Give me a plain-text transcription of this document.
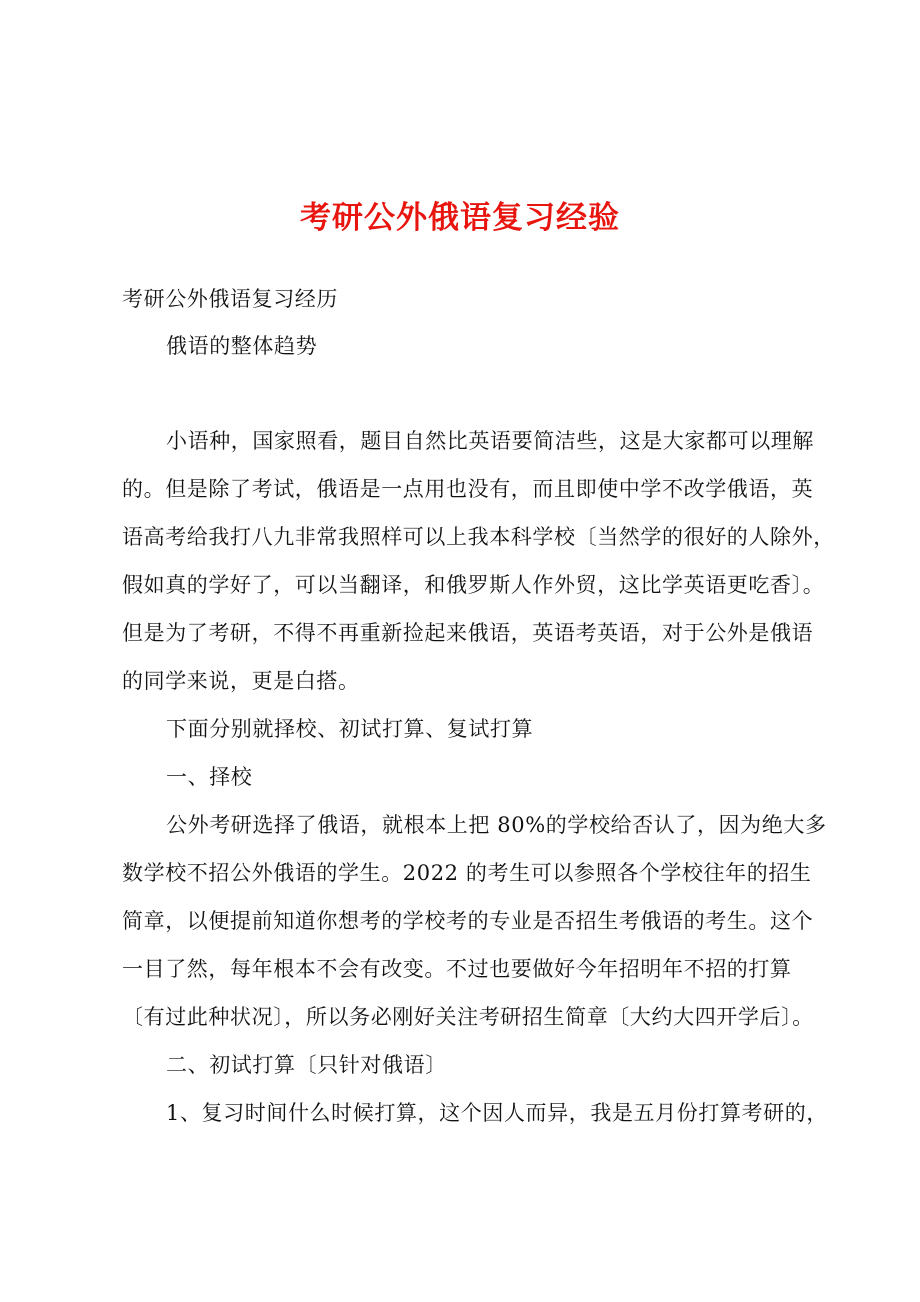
考研公外俄语复习经验
考研公外俄语复习经历
俄语的整体趋势
小语种，国家照看，题目自然比英语要简洁些，这是大家都可以理解
的。但是除了考试，俄语是一点用也没有，而且即使中学不改学俄语，英
语高考给我打八九非常我照样可以上我本科学校〔当然学的很好的人除外，
假如真的学好了，可以当翻译，和俄罗斯人作外贸，这比学英语更吃香〕。
但是为了考研，不得不再重新捡起来俄语，英语考英语，对于公外是俄语
的同学来说，更是白搭。
下面分别就择校、初试打算、复试打算
一、择校
公外考研选择了俄语，就根本上把 80%的学校给否认了，因为绝大多
数学校不招公外俄语的学生。2022 的考生可以参照各个学校往年的招生
简章，以便提前知道你想考的学校考的专业是否招生考俄语的考生。这个
一目了然，每年根本不会有改变。不过也要做好今年招明年不招的打算
〔有过此种状况〕，所以务必刚好关注考研招生简章〔大约大四开学后〕。
二、初试打算〔只针对俄语〕
1、复习时间什么时候打算，这个因人而异，我是五月份打算考研的，
